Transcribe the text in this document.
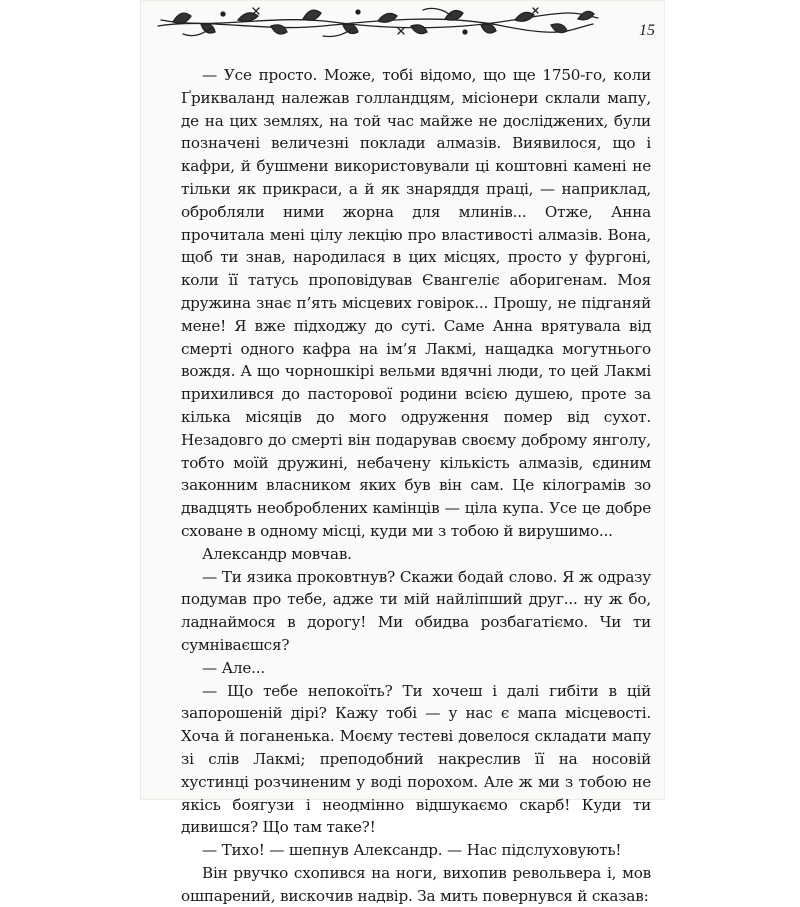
15

— Усе просто. Може, тобі відомо, що ще 1750-го, коли Ґрикваланд належав голландцям, місіонери склали мапу, де на цих землях, на той час майже не досліджених, були позначені величезні поклади алмазів. Виявилося, що і кафри, й бушмени використовували ці коштовні камені не тільки як прикраси, а й як знаряддя праці, — наприклад, обробляли ними жорна для млинів... Отже, Анна прочитала мені цілу лекцію про властивості алмазів. Вона, щоб ти знав, народилася в цих місцях, просто у фургоні, коли її татусь проповідував Євангеліє аборигенам. Моя дружина знає п’ять місцевих говірок... Прошу, не підганяй мене! Я вже підходжу до суті. Саме Анна врятувала від смерті одного кафра на ім’я Лакмі, нащадка могутнього вождя. А що чорношкірі вельми вдячні люди, то цей Лакмі прихилився до пасторової родини всією душею, проте за кілька місяців до мого одруження помер від сухот. Незадовго до смерті він подарував своєму доброму янголу, тобто моїй дружині, небачену кількість алмазів, єдиним законним власником яких був він сам. Це кілограмів зо двадцять необроблених камінців — ціла купа. Усе це добре сховане в одному місці, куди ми з тобою й вирушимо...

Александр мовчав.

— Ти язика проковтнув? Скажи бодай слово. Я ж одразу подумав про тебе, адже ти мій найліпший друг... ну ж бо, ладнаймося в дорогу! Ми обидва розбагатіємо. Чи ти сумніваєшся?

— Але...

— Що тебе непокоїть? Ти хочеш і далі гибіти в цій запорошеній дірі? Кажу тобі — у нас є мапа місцевості. Хоча й поганенька. Моєму тестеві довелося складати мапу зі слів Лакмі; преподобний накреслив її на носовій хустинці розчиненим у воді порохом. Але ж ми з тобою не якісь боягузи і неодмінно відшукаємо скарб! Куди ти дивишся? Що там таке?!

— Тихо! — шепнув Александр. — Нас підслуховують!

Він рвучко схопився на ноги, вихопив револьвера і, мов ошпарений, вискочив надвір. За мить повернувся й сказав:
